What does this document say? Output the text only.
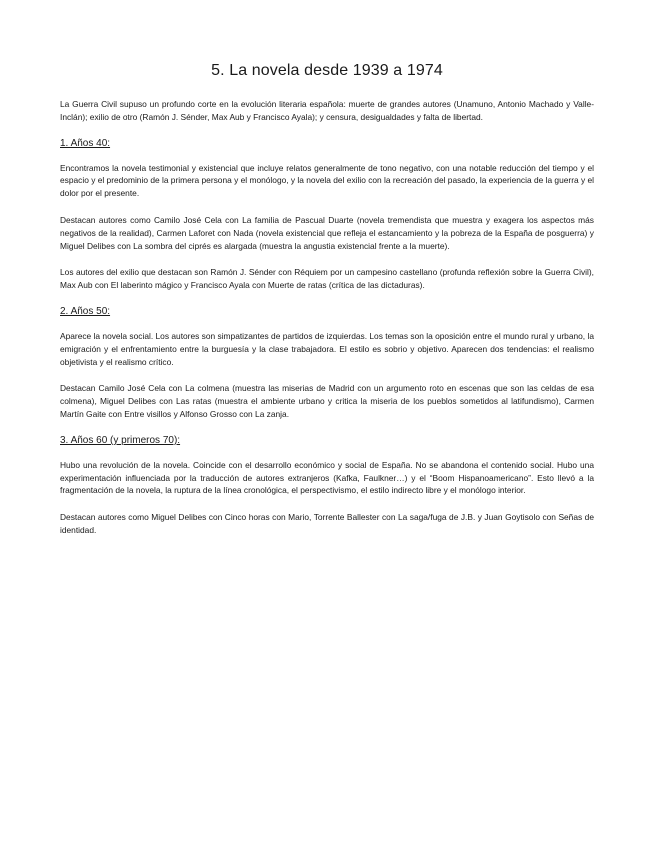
5. La novela desde 1939 a 1974

La Guerra Civil supuso un profundo corte en la evolución literaria española: muerte de grandes autores (Unamuno, Antonio Machado y Valle-Inclán); exilio de otro (Ramón J. Sénder, Max Aub y Francisco Ayala); y censura, desigualdades y falta de libertad.

1. Años 40:

Encontramos la novela testimonial y existencial que incluye relatos generalmente de tono negativo, con una notable reducción del tiempo y el espacio y el predominio de la primera persona y el monólogo, y la novela del exilio con la recreación del pasado, la experiencia de la guerra y el dolor por el presente.

Destacan autores como Camilo José Cela con La familia de Pascual Duarte (novela tremendista que muestra y exagera los aspectos más negativos de la realidad), Carmen Laforet con Nada (novela existencial que refleja el estancamiento y la pobreza de la España de posguerra) y Miguel Delibes con La sombra del ciprés es alargada (muestra la angustia existencial frente a la muerte).

Los autores del exilio que destacan son Ramón J. Sénder con Réquiem por un campesino castellano (profunda reflexión sobre la Guerra Civil), Max Aub con El laberinto mágico y Francisco Ayala con Muerte de ratas (crítica de las dictaduras).

2. Años 50:

Aparece la novela social. Los autores son simpatizantes de partidos de izquierdas. Los temas son la oposición entre el mundo rural y urbano, la emigración y el enfrentamiento entre la burguesía y la clase trabajadora. El estilo es sobrio y objetivo. Aparecen dos tendencias: el realismo objetivista y el realismo crítico.

Destacan Camilo José Cela con La colmena (muestra las miserias de Madrid con un argumento roto en escenas que son las celdas de esa colmena), Miguel Delibes con Las ratas (muestra el ambiente urbano y critica la miseria de los pueblos sometidos al latifundismo), Carmen Martín Gaite con Entre visillos y Alfonso Grosso con La zanja.

3. Años 60 (y primeros 70):

Hubo una revolución de la novela. Coincide con el desarrollo económico y social de España. No se abandona el contenido social. Hubo una experimentación influenciada por la traducción de autores extranjeros (Kafka, Faulkner…) y el “Boom Hispanoamericano”. Esto llevó a la fragmentación de la novela, la ruptura de la línea cronológica, el perspectivismo, el estilo indirecto libre y el monólogo interior.

Destacan autores como Miguel Delibes con Cinco horas con Mario, Torrente Ballester con La saga/fuga de J.B. y Juan Goytisolo con Señas de identidad.
